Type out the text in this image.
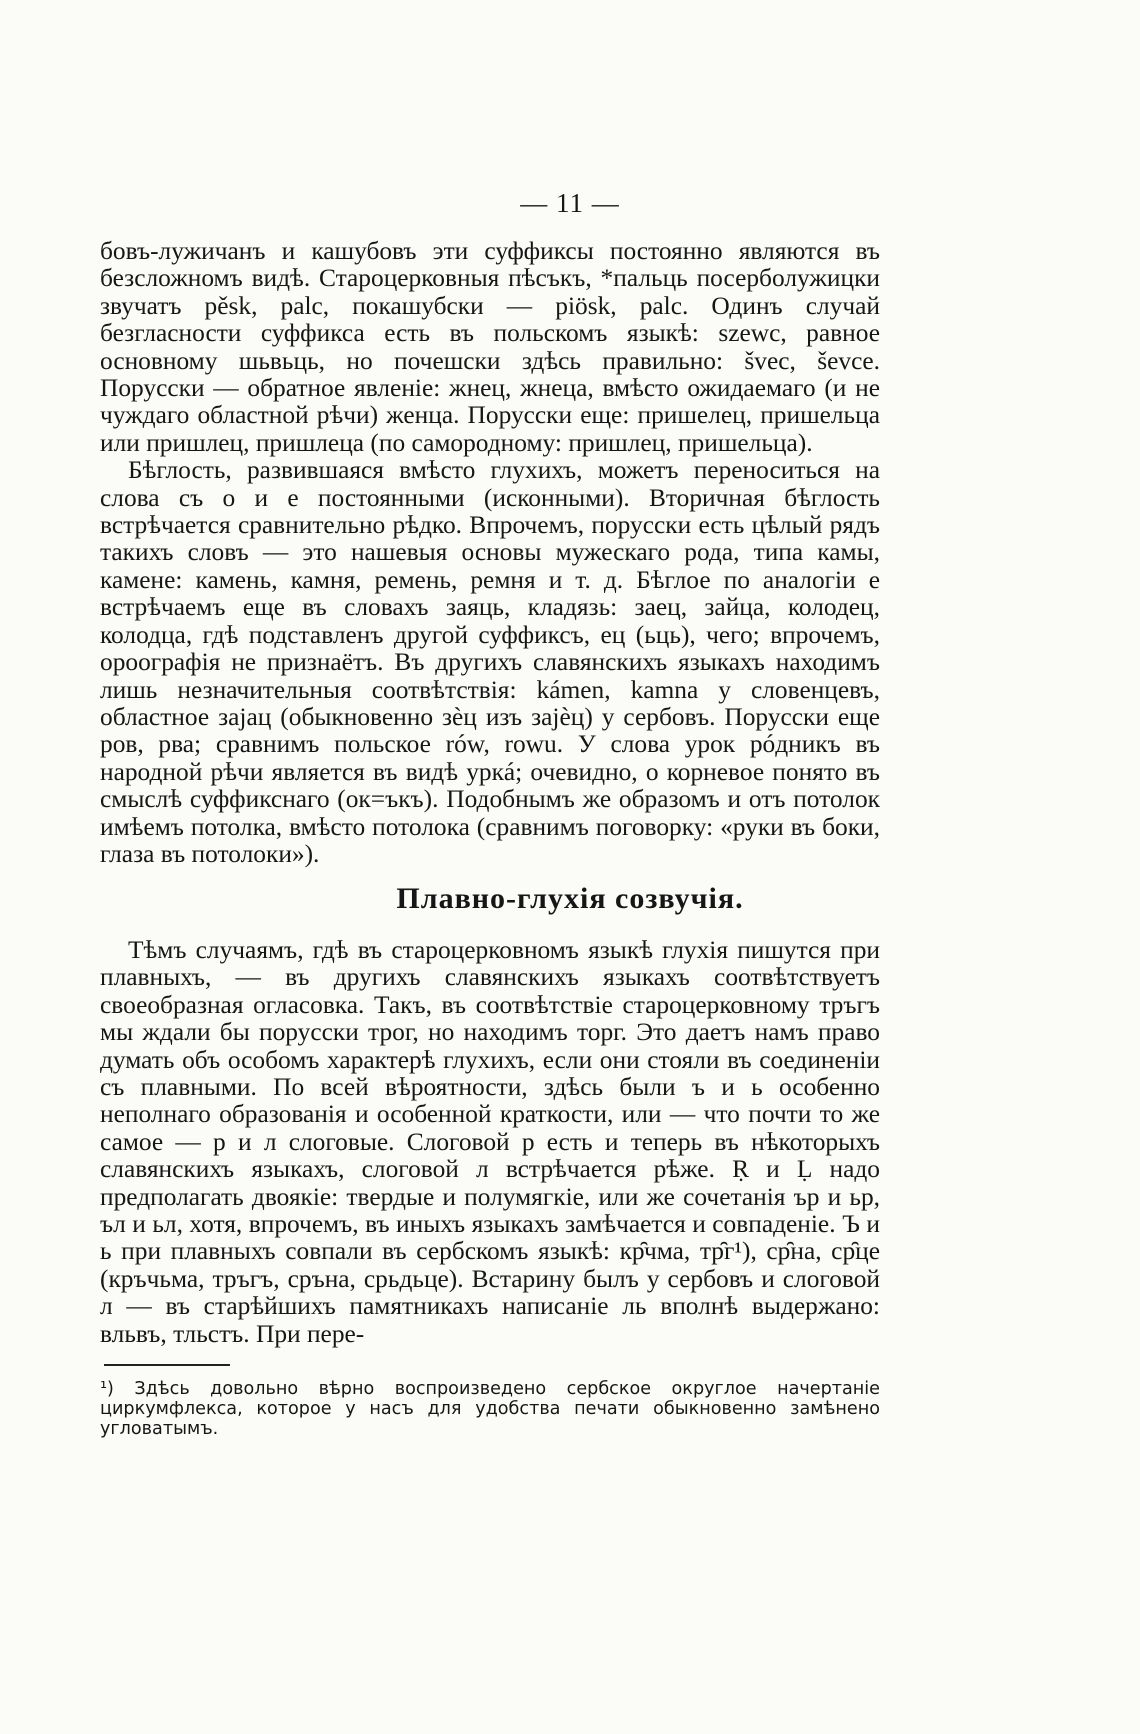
— 11 —

бовъ-лужичанъ и кашубовъ эти суффиксы постоянно являются въ безсложномъ видѣ. Староцерковныя пѣсъкъ, *пальць посерболужицки звучатъ pěsk, palc, покашубски — piösk, palc. Одинъ случай безгласности суффикса есть въ польскомъ языкѣ: szewc, равное основному шьвьць, но почешски здѣсь правильно: švec, ševce. Порусски — обратное явленіе: жнец, жнеца, вмѣсто ожидаемаго (и не чуждаго областной рѣчи) женца. Порусски еще: пришелец, пришельца или пришлец, пришлеца (по самородному: пришлец, пришельца).

Бѣглость, развившаяся вмѣсто глухихъ, можетъ переноситься на слова съ о и е постоянными (исконными). Вторичная бѣглость встрѣчается сравнительно рѣдко. Впрочемъ, порусски есть цѣлый рядъ такихъ словъ — это нашевыя основы мужескаго рода, типа камы, камене: камень, камня, ремень, ремня и т. д. Бѣглое по аналогіи е встрѣчаемъ еще въ словахъ заяць, кладязь: заец, зайца, колодец, колодца, гдѣ подставленъ другой суффиксъ, ец (ьць), чего; впрочемъ, ороографія не признаётъ. Въ другихъ славянскихъ языкахъ находимъ лишь незначительныя соотвѣтствія: kámen, kamna у словенцевъ, областное зајац (обыкновенно зѐц изъ зајѐц) у сербовъ. Порусски еще ров, рва; сравнимъ польское rów, rowu. У слова урок рóдникъ въ народной рѣчи является въ видѣ уркá; очевидно, о корневое понято въ смыслѣ суффикснаго (ок=ъкъ). Подобнымъ же образомъ и отъ потолок имѣемъ потолка, вмѣсто потолока (сравнимъ поговорку: «руки въ боки, глаза въ потолоки»).

Плавно-глухія созвучія.

Тѣмъ случаямъ, гдѣ въ староцерковномъ языкѣ глухія пишутся при плавныхъ, — въ другихъ славянскихъ языкахъ соотвѣтствуетъ своеобразная огласовка. Такъ, въ соотвѣтствіе староцерковному тръгъ мы ждали бы порусски трог, но находимъ торг. Это даетъ намъ право думать объ особомъ характерѣ глухихъ, если они стояли въ соединеніи съ плавными. По всей вѣроятности, здѣсь были ъ и ь особенно неполнаго образованія и особенной краткости, или — что почти то же самое — р и л слоговые. Слоговой р есть и теперь въ нѣкоторыхъ славянскихъ языкахъ, слоговой л встрѣчается рѣже. Ṛ и Ḷ надо предполагать двоякіе: твердые и полумягкіе, или же сочетанія ър и ьр, ъл и ьл, хотя, впрочемъ, въ иныхъ языкахъ замѣчается и совпаденіе. Ъ и ь при плавныхъ совпали въ сербскомъ языкѣ: кр̑чма, тр̑г¹), ср̑на, ср̑це (кръчьма, тръгъ, сръна, срьдьце). Встарину былъ у сербовъ и слоговой л — въ старѣйшихъ памятникахъ написаніе ль вполнѣ выдержано: вльвъ, тльстъ. При пере-

¹) Здѣсь довольно вѣрно воспроизведено сербское округлое начертаніе циркумфлекса, которое у насъ для удобства печати обыкновенно замѣнено угловатымъ.
